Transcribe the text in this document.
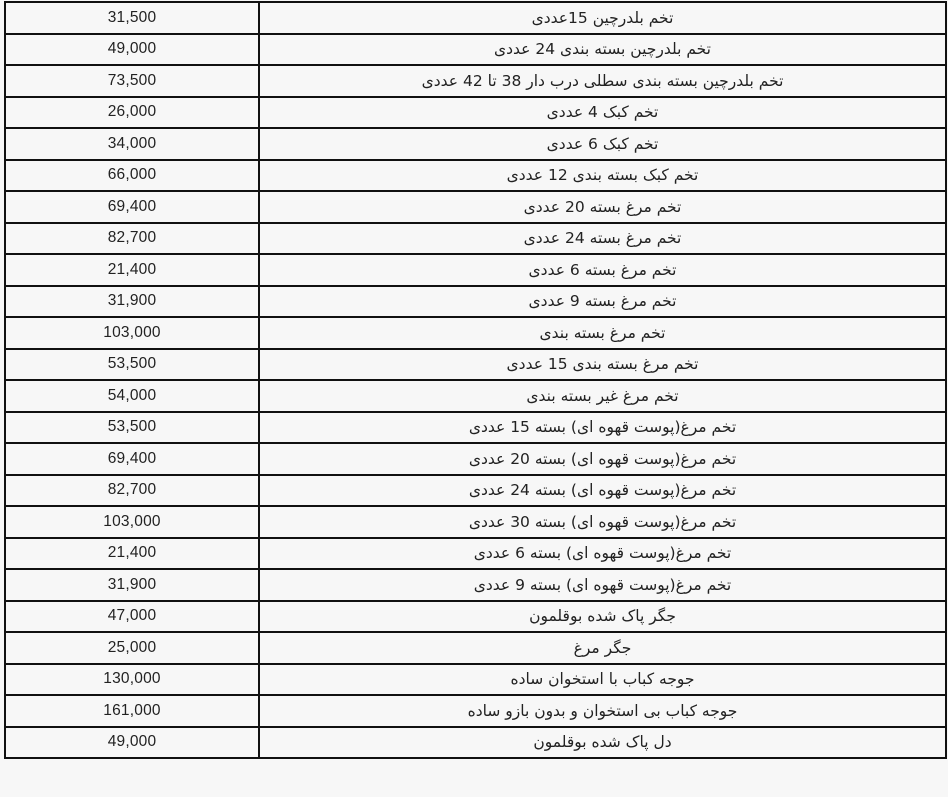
31,500	تخم بلدرچین 15عددی
49,000	تخم بلدرچین بسته بندی 24 عددی
73,500	تخم بلدرچین بسته بندی سطلی درب دار 38 تا 42 عددی
26,000	تخم کبک 4 عددی
34,000	تخم کبک 6 عددی
66,000	تخم کبک بسته بندی 12 عددی
69,400	تخم مرغ بسته 20 عددی
82,700	تخم مرغ بسته 24 عددی
21,400	تخم مرغ بسته 6 عددی
31,900	تخم مرغ بسته 9 عددی
103,000	تخم مرغ بسته بندی
53,500	تخم مرغ بسته بندی 15 عددی
54,000	تخم مرغ غیر بسته بندی
53,500	تخم مرغ(پوست قهوه ای) بسته 15 عددی
69,400	تخم مرغ(پوست قهوه ای) بسته 20 عددی
82,700	تخم مرغ(پوست قهوه ای) بسته 24 عددی
103,000	تخم مرغ(پوست قهوه ای) بسته 30 عددی
21,400	تخم مرغ(پوست قهوه ای) بسته 6 عددی
31,900	تخم مرغ(پوست قهوه ای) بسته 9 عددی
47,000	جگر پاک شده بوقلمون
25,000	جگر مرغ
130,000	جوجه کباب با استخوان ساده
161,000	جوجه کباب بی استخوان و بدون بازو ساده
49,000	دل پاک شده بوقلمون
